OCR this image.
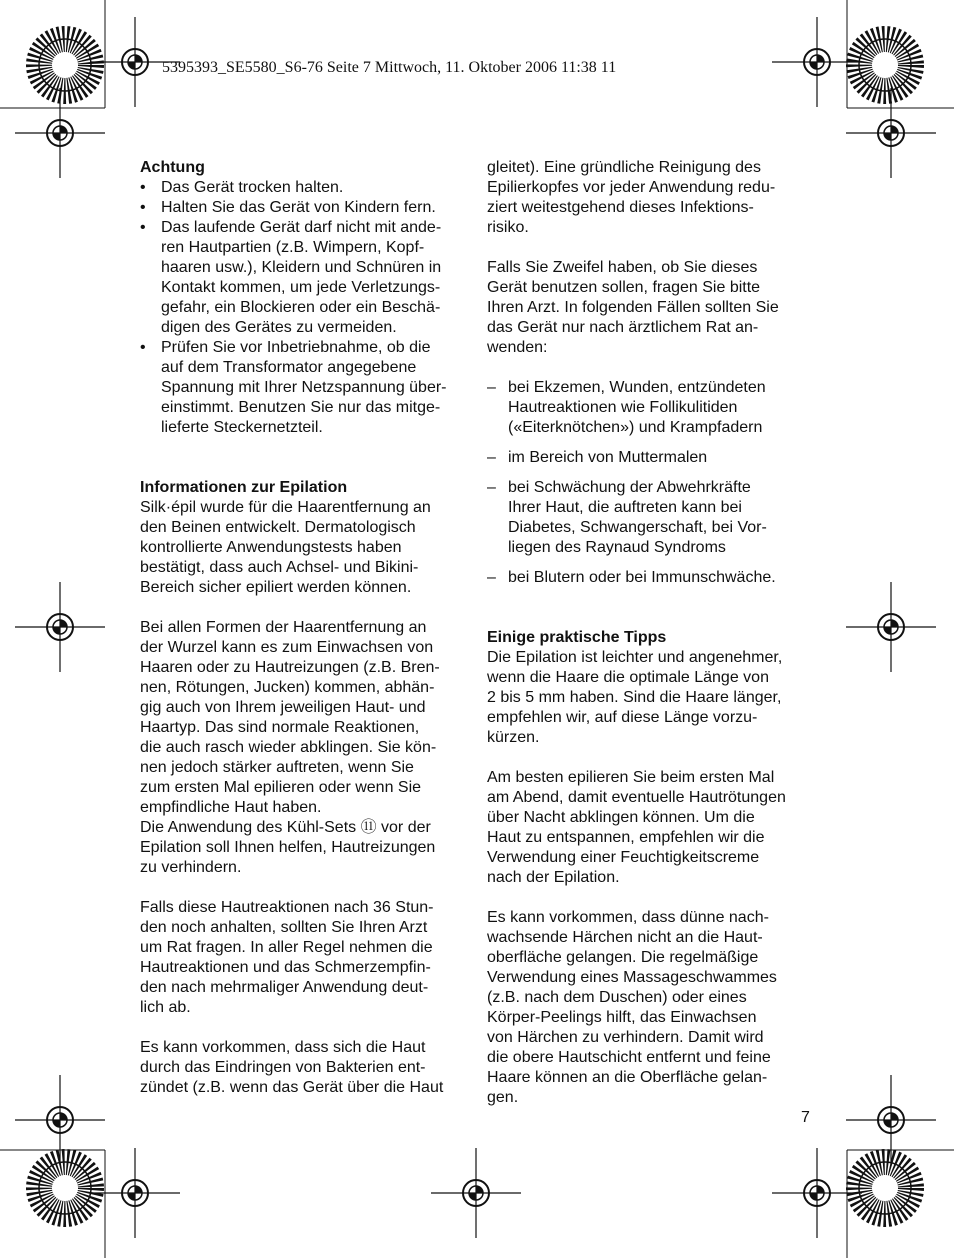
5395393_SE5580_S6-76 Seite 7 Mittwoch, 11. Oktober 2006 11:38 11
Achtung
• Das Gerät trocken halten.
• Halten Sie das Gerät von Kindern fern.
• Das laufende Gerät darf nicht mit ande-
ren Hautpartien (z.B. Wimpern, Kopf-
haaren usw.), Kleidern und Schnüren in
Kontakt kommen, um jede Verletzungs-
gefahr, ein Blockieren oder ein Beschä-
digen des Gerätes zu vermeiden.
• Prüfen Sie vor Inbetriebnahme, ob die
auf dem Transformator angegebene
Spannung mit Ihrer Netzspannung über-
einstimmt. Benutzen Sie nur das mitge-
lieferte Steckernetzteil.
Informationen zur Epilation
Silk·épil wurde für die Haarentfernung an
den Beinen entwickelt. Dermatologisch
kontrollierte Anwendungstests haben
bestätigt, dass auch Achsel- und Bikini-
Bereich sicher epiliert werden können.
Bei allen Formen der Haarentfernung an
der Wurzel kann es zum Einwachsen von
Haaren oder zu Hautreizungen (z.B. Bren-
nen, Rötungen, Jucken) kommen, abhän-
gig auch von Ihrem jeweiligen Haut- und
Haartyp. Das sind normale Reaktionen,
die auch rasch wieder abklingen. Sie kön-
nen jedoch stärker auftreten, wenn Sie
zum ersten Mal epilieren oder wenn Sie
empfindliche Haut haben.
Die Anwendung des Kühl-Sets ⑪ vor der
Epilation soll Ihnen helfen, Hautreizungen
zu verhindern.
Falls diese Hautreaktionen nach 36 Stun-
den noch anhalten, sollten Sie Ihren Arzt
um Rat fragen. In aller Regel nehmen die
Hautreaktionen und das Schmerzempfin-
den nach mehrmaliger Anwendung deut-
lich ab.
Es kann vorkommen, dass sich die Haut
durch das Eindringen von Bakterien ent-
zündet (z.B. wenn das Gerät über die Haut
gleitet). Eine gründliche Reinigung des
Epilierkopfes vor jeder Anwendung redu-
ziert weitestgehend dieses Infektions-
risiko.
Falls Sie Zweifel haben, ob Sie dieses
Gerät benutzen sollen, fragen Sie bitte
Ihren Arzt. In folgenden Fällen sollten Sie
das Gerät nur nach ärztlichem Rat an-
wenden:
– bei Ekzemen, Wunden, entzündeten
Hautreaktionen wie Follikulitiden
(«Eiterknötchen») und Krampfadern
– im Bereich von Muttermalen
– bei Schwächung der Abwehrkräfte
Ihrer Haut, die auftreten kann bei
Diabetes, Schwangerschaft, bei Vor-
liegen des Raynaud Syndroms
– bei Blutern oder bei Immunschwäche.
Einige praktische Tipps
Die Epilation ist leichter und angenehmer,
wenn die Haare die optimale Länge von
2 bis 5 mm haben. Sind die Haare länger,
empfehlen wir, auf diese Länge vorzu-
kürzen.
Am besten epilieren Sie beim ersten Mal
am Abend, damit eventuelle Hautrötungen
über Nacht abklingen können. Um die
Haut zu entspannen, empfehlen wir die
Verwendung einer Feuchtigkeitscreme
nach der Epilation.
Es kann vorkommen, dass dünne nach-
wachsende Härchen nicht an die Haut-
oberfläche gelangen. Die regelmäßige
Verwendung eines Massageschwammes
(z.B. nach dem Duschen) oder eines
Körper-Peelings hilft, das Einwachsen
von Härchen zu verhindern. Damit wird
die obere Hautschicht entfernt und feine
Haare können an die Oberfläche gelan-
gen.
7
